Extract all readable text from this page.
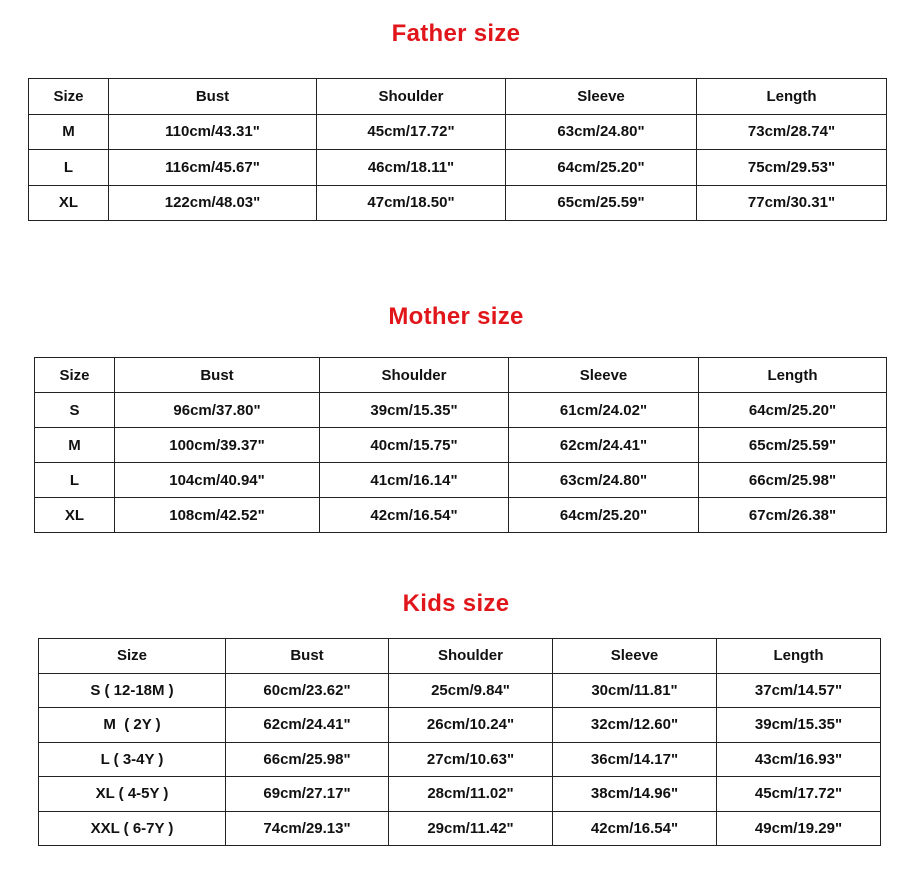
Father size
Size	Bust	Shoulder	Sleeve	Length
M	110cm/43.31"	45cm/17.72"	63cm/24.80"	73cm/28.74"
L	116cm/45.67"	46cm/18.11"	64cm/25.20"	75cm/29.53"
XL	122cm/48.03"	47cm/18.50"	65cm/25.59"	77cm/30.31"
Mother size
Size	Bust	Shoulder	Sleeve	Length
S	96cm/37.80"	39cm/15.35"	61cm/24.02"	64cm/25.20"
M	100cm/39.37"	40cm/15.75"	62cm/24.41"	65cm/25.59"
L	104cm/40.94"	41cm/16.14"	63cm/24.80"	66cm/25.98"
XL	108cm/42.52"	42cm/16.54"	64cm/25.20"	67cm/26.38"
Kids size
Size	Bust	Shoulder	Sleeve	Length
S ( 12-18M )	60cm/23.62"	25cm/9.84"	30cm/11.81"	37cm/14.57"
M  ( 2Y )	62cm/24.41"	26cm/10.24"	32cm/12.60"	39cm/15.35"
L ( 3-4Y )	66cm/25.98"	27cm/10.63"	36cm/14.17"	43cm/16.93"
XL ( 4-5Y )	69cm/27.17"	28cm/11.02"	38cm/14.96"	45cm/17.72"
XXL ( 6-7Y )	74cm/29.13"	29cm/11.42"	42cm/16.54"	49cm/19.29"
